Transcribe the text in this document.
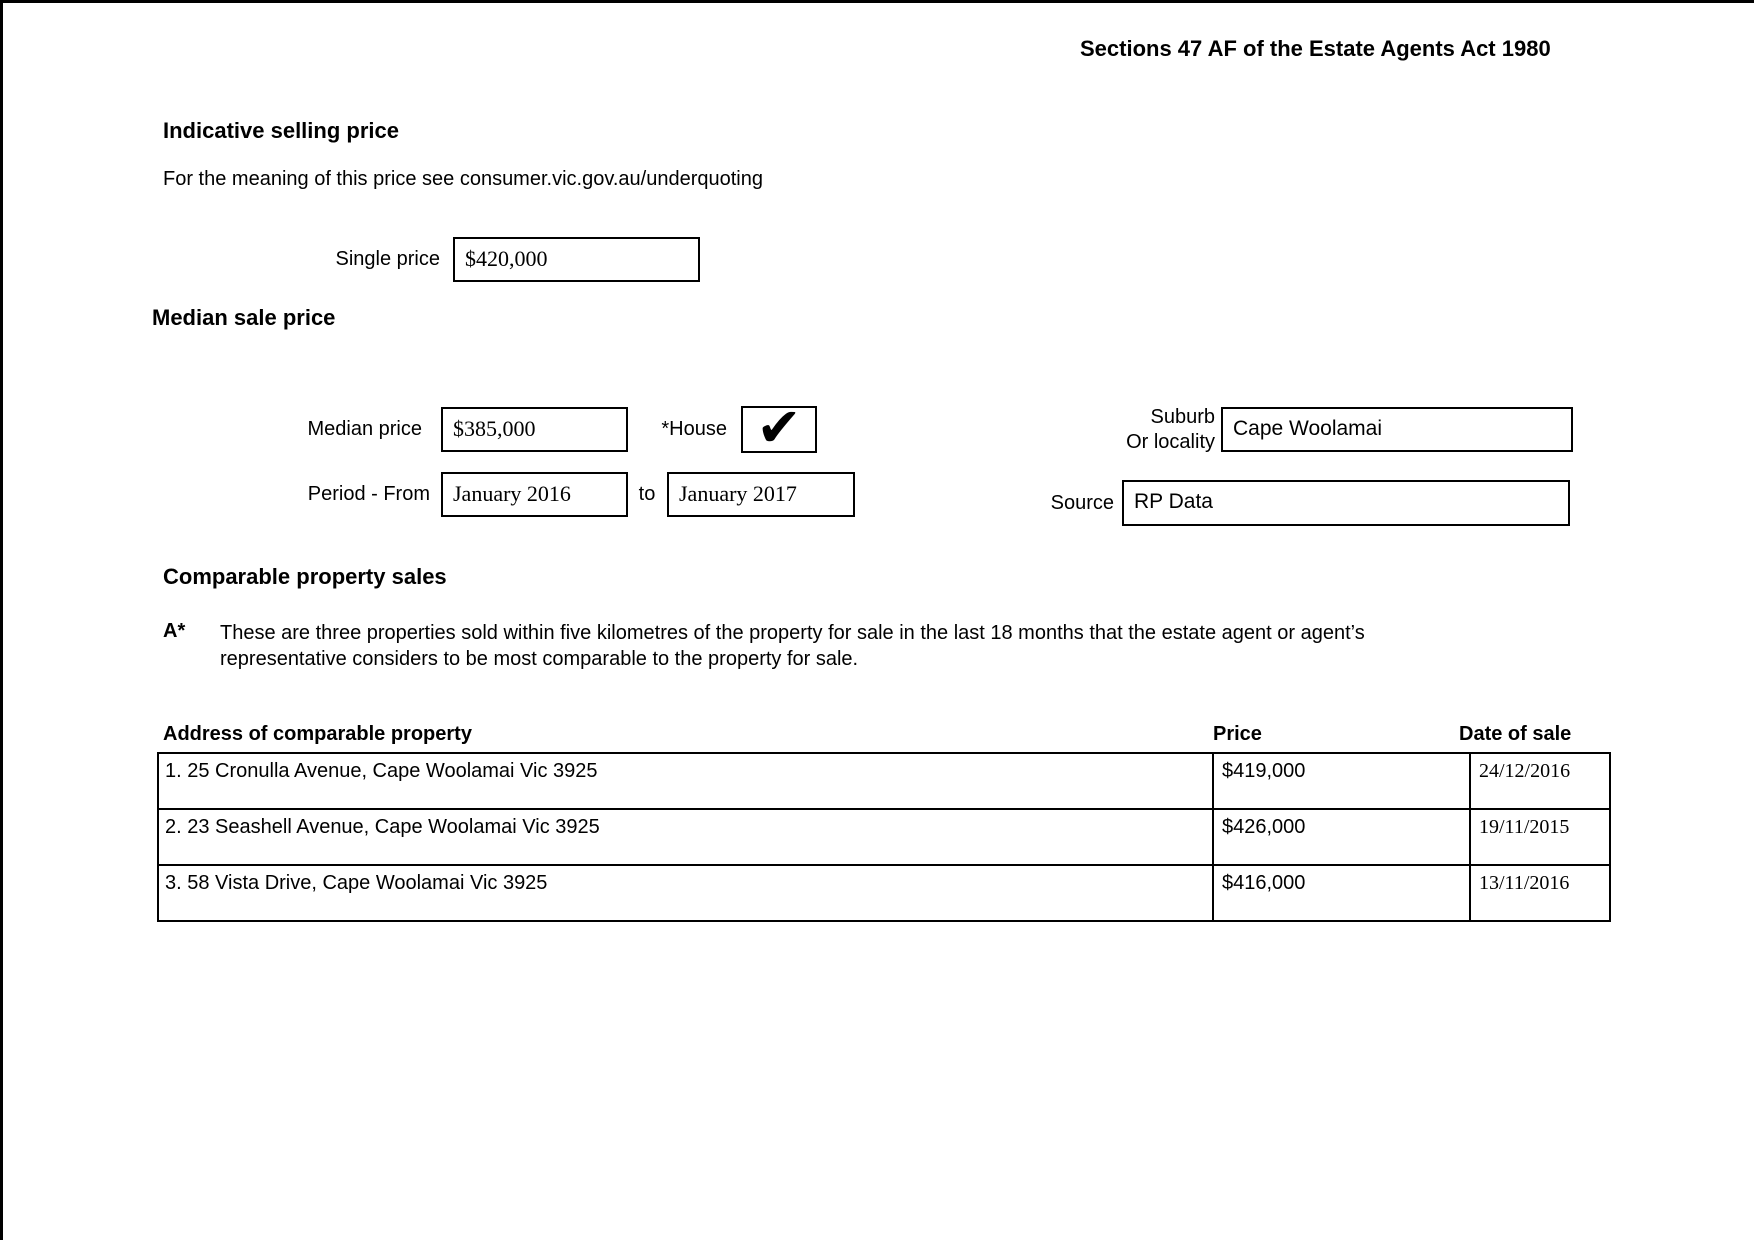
Sections 47 AF of the Estate Agents Act 1980
Indicative selling price
For the meaning of this price see consumer.vic.gov.au/underquoting
Single price	$420,000
Median sale price
Median price	$385,000	*House ✔	Suburb
Or locality
Cape Woolamai
Period - From	January 2016	to	January 2017	Source RP Data
Comparable property sales
A* These are three properties sold within five kilometres of the property for sale in the last 18 months that the estate agent or agent’s representative considers to be most comparable to the property for sale.
Address of comparable property	Price	Date of sale
1. 25 Cronulla Avenue, Cape Woolamai Vic 3925	$419,000	24/12/2016
2. 23 Seashell Avenue, Cape Woolamai Vic 3925	$426,000	19/11/2015
3. 58 Vista Drive, Cape Woolamai Vic 3925	$416,000	13/11/2016
